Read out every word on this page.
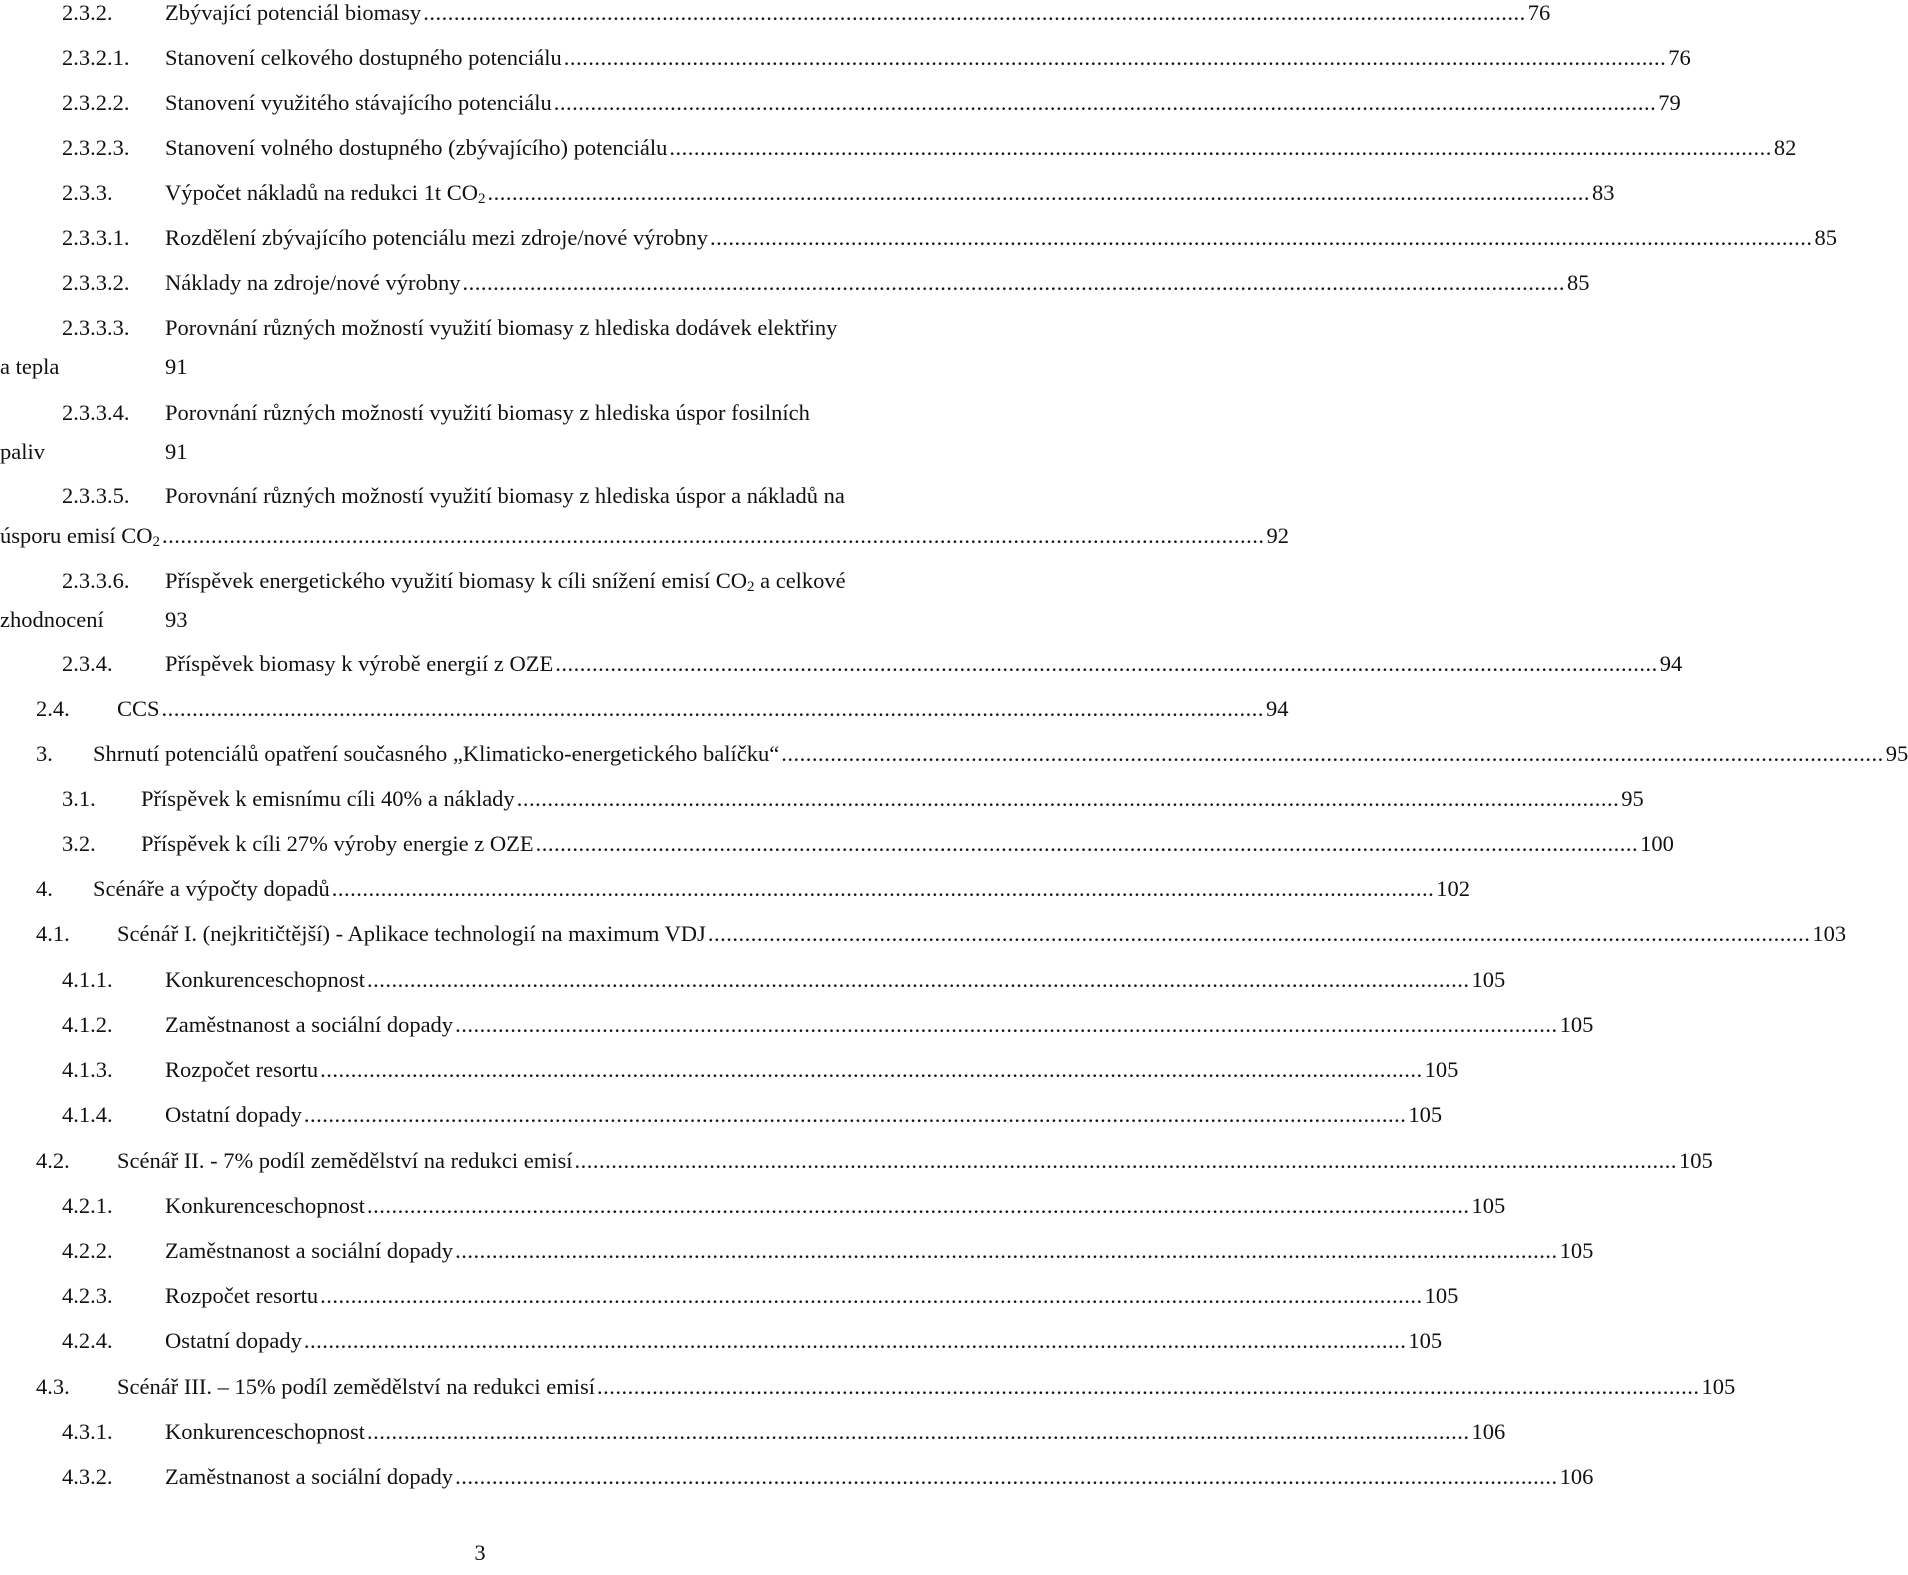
2.3.2. Zbývající potenciál biomasy .................................................................................................................................................................................... 76
2.3.2.1. Stanovení celkového dostupného potenciálu .................................................................................................................................................................................... 76
2.3.2.2. Stanovení využitého stávajícího potenciálu .................................................................................................................................................................................... 79
2.3.2.3. Stanovení volného dostupného (zbývajícího) potenciálu .................................................................................................................................................................................... 82
2.3.3. Výpočet nákladů na redukci 1t $CO_2$ .................................................................................................................................................................................... 83
2.3.3.1. Rozdělení zbývajícího potenciálu mezi zdroje/nové výrobny .................................................................................................................................................................................... 85
2.3.3.2. Náklady na zdroje/nové výrobny .................................................................................................................................................................................... 85
2.3.3.3. Porovnání různých možností využití biomasy z hlediska dodávek elektřiny
a tepla	91
2.3.3.4. Porovnání různých možností využití biomasy z hlediska úspor fosilních
paliv	91
2.3.3.5. Porovnání různých možností využití biomasy z hlediska úspor a nákladů na
úsporu emisí $CO_2$ .................................................................................................................................................................................... 92
2.3.3.6. Příspěvek energetického využití biomasy k cíli snížení emisí $CO_2$ a celkové
zhodnocení	93
2.3.4. Příspěvek biomasy k výrobě energií z OZE .................................................................................................................................................................................... 94
2.4. CCS .................................................................................................................................................................................... 94
3. Shrnutí potenciálů opatření současného „Klimaticko-energetického balíčku“ .................................................................................................................................................................................... 95
3.1. Příspěvek k emisnímu cíli 40% a náklady .................................................................................................................................................................................... 95
3.2. Příspěvek k cíli 27% výroby energie z OZE .................................................................................................................................................................................... 100
4. Scénáře a výpočty dopadů .................................................................................................................................................................................... 102
4.1. Scénář I. (nejkritičtější) - Aplikace technologií na maximum VDJ .................................................................................................................................................................................... 103
4.1.1. Konkurenceschopnost .................................................................................................................................................................................... 105
4.1.2. Zaměstnanost a sociální dopady .................................................................................................................................................................................... 105
4.1.3. Rozpočet resortu .................................................................................................................................................................................... 105
4.1.4. Ostatní dopady .................................................................................................................................................................................... 105
4.2. Scénář II. - 7% podíl zemědělství na redukci emisí .................................................................................................................................................................................... 105
4.2.1. Konkurenceschopnost .................................................................................................................................................................................... 105
4.2.2. Zaměstnanost a sociální dopady .................................................................................................................................................................................... 105
4.2.3. Rozpočet resortu .................................................................................................................................................................................... 105
4.2.4. Ostatní dopady .................................................................................................................................................................................... 105
4.3. Scénář III. – 15% podíl zemědělství na redukci emisí .................................................................................................................................................................................... 105
4.3.1. Konkurenceschopnost .................................................................................................................................................................................... 106
4.3.2. Zaměstnanost a sociální dopady .................................................................................................................................................................................... 106
3
